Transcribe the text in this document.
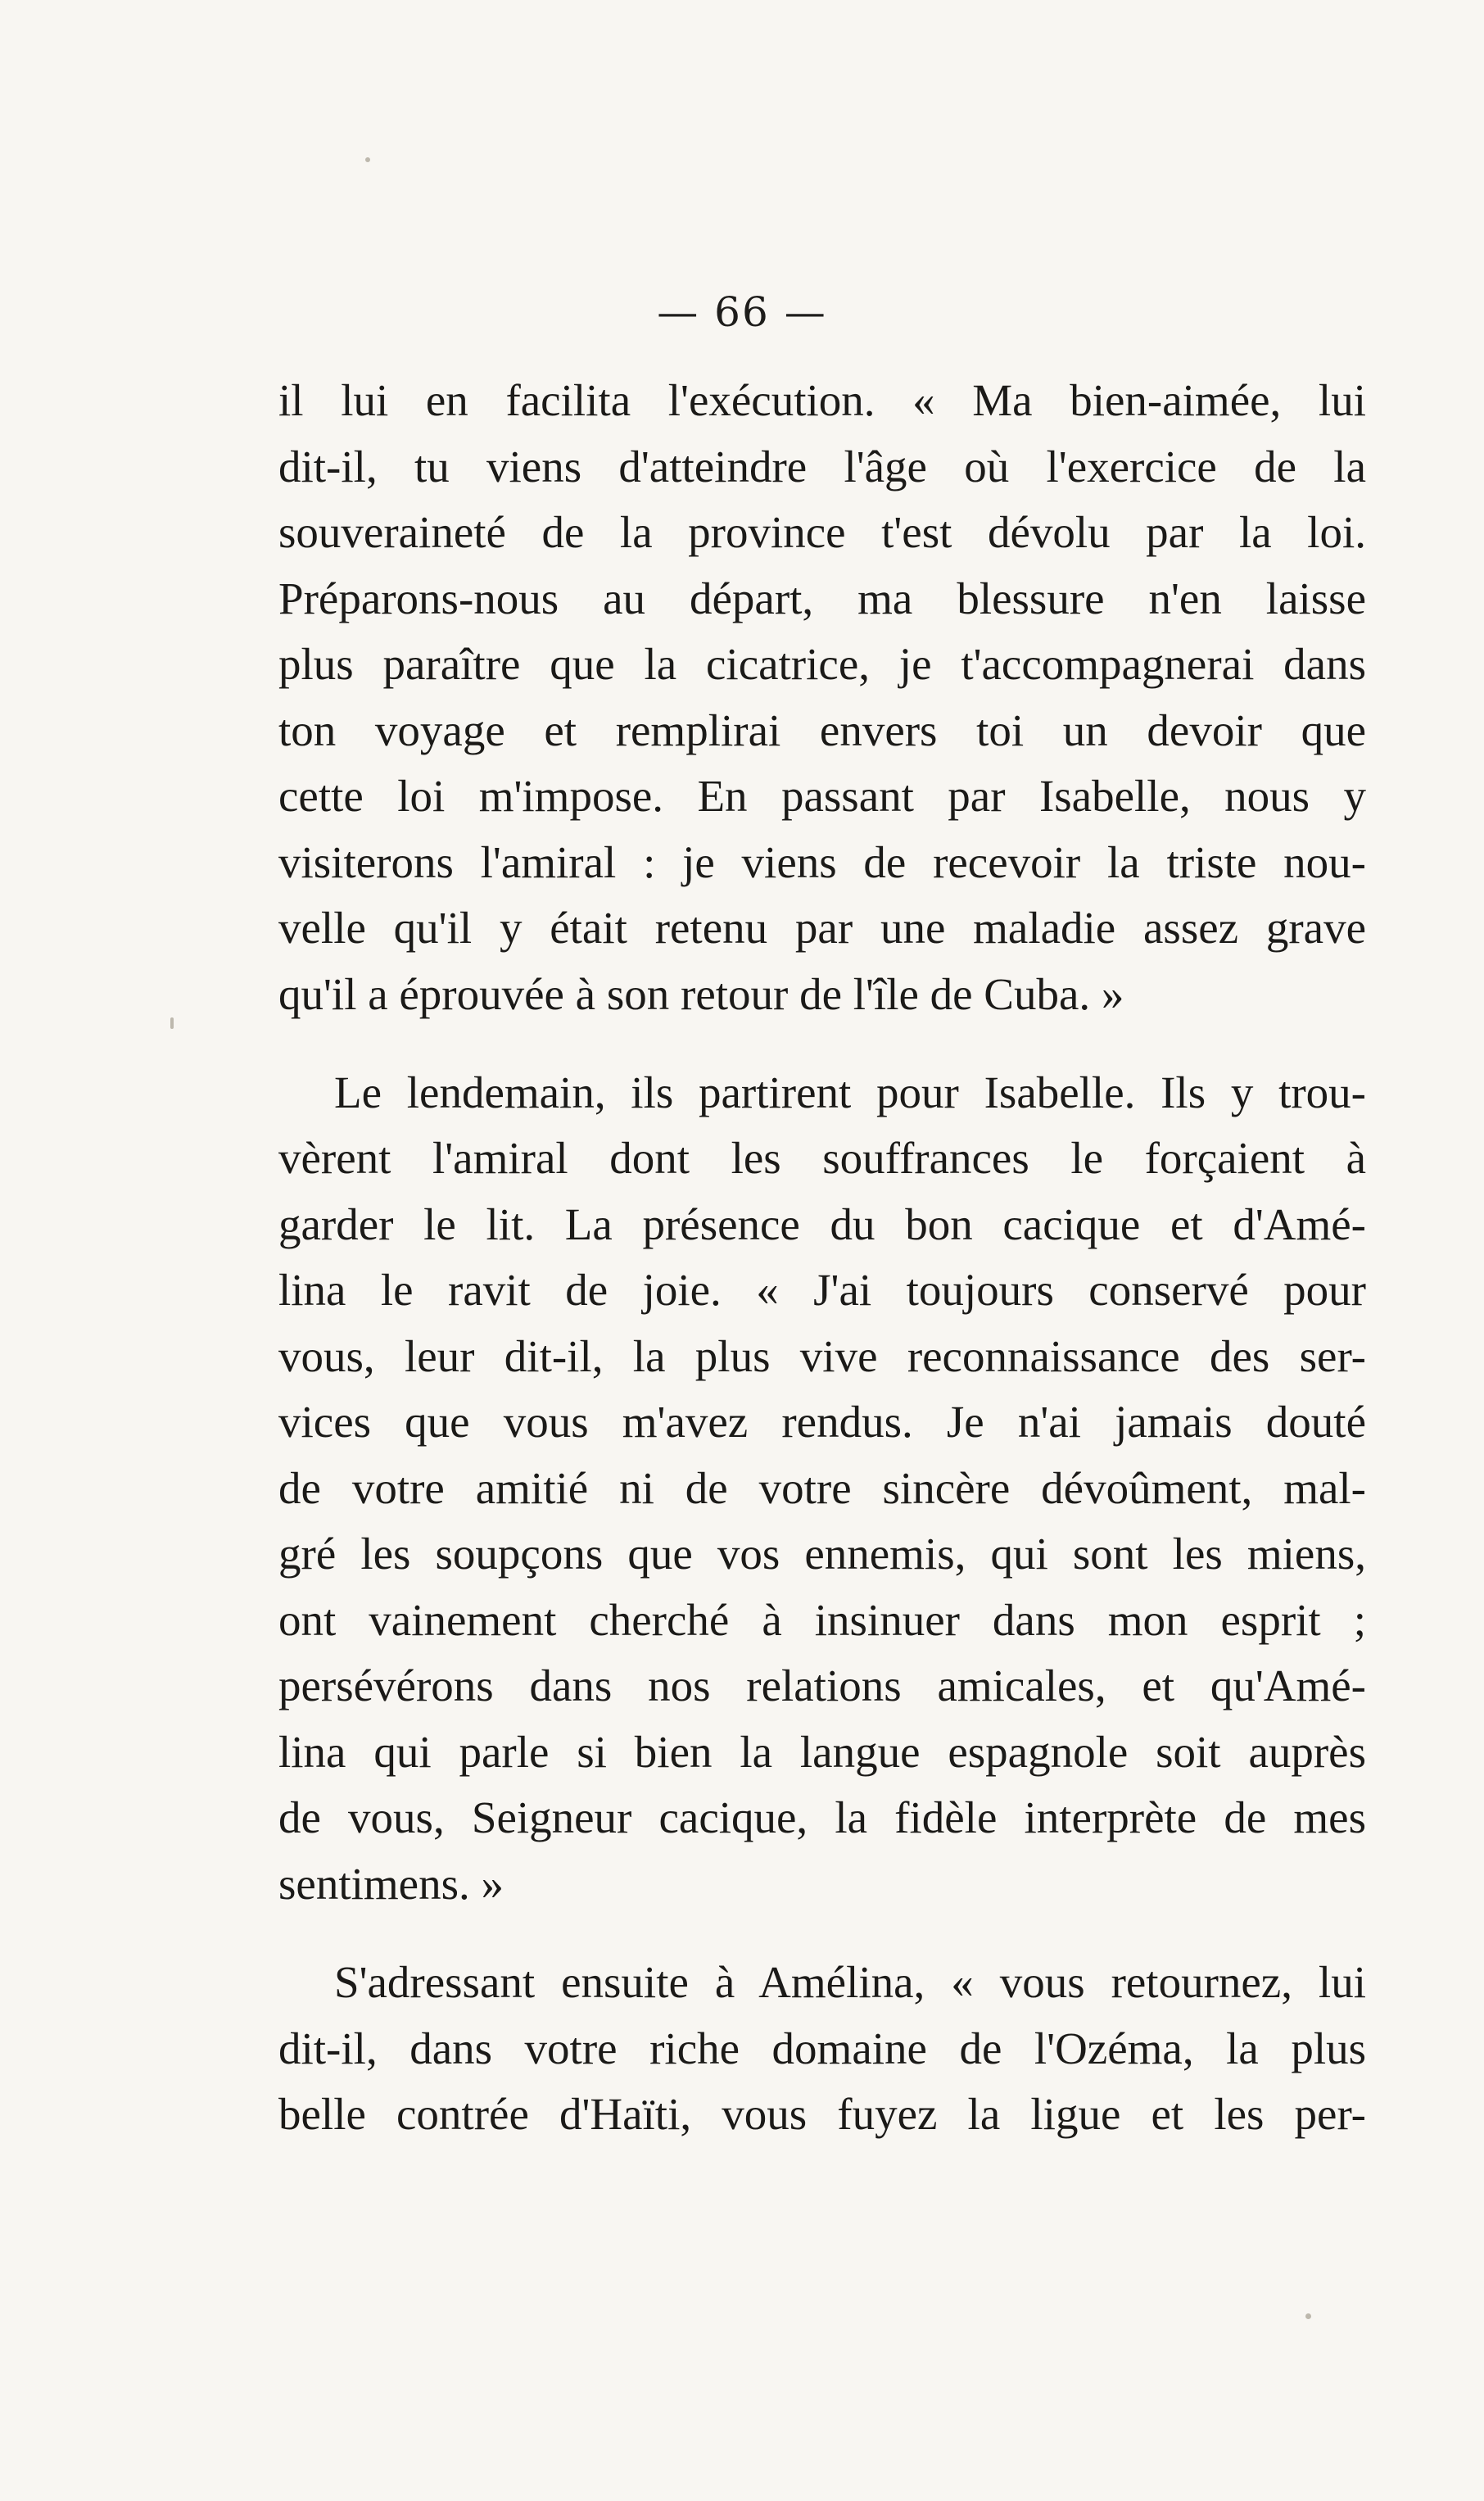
— 66 —
il lui en facilita l'exécution. « Ma bien-aimée, lui
dit-il, tu viens d'atteindre l'âge où l'exercice de la
souveraineté de la province t'est dévolu par la loi.
Préparons-nous au départ, ma blessure n'en laisse
plus paraître que la cicatrice, je t'accompagnerai dans
ton voyage et remplirai envers toi un devoir que
cette loi m'impose. En passant par Isabelle, nous y
visiterons l'amiral : je viens de recevoir la triste nou-
velle qu'il y était retenu par une maladie assez grave
qu'il a éprouvée à son retour de l'île de Cuba. »
Le lendemain, ils partirent pour Isabelle. Ils y trou-
vèrent l'amiral dont les souffrances le forçaient à
garder le lit. La présence du bon cacique et d'Amé-
lina le ravit de joie. « J'ai toujours conservé pour
vous, leur dit-il, la plus vive reconnaissance des ser-
vices que vous m'avez rendus. Je n'ai jamais douté
de votre amitié ni de votre sincère dévoûment, mal-
gré les soupçons que vos ennemis, qui sont les miens,
ont vainement cherché à insinuer dans mon esprit ;
persévérons dans nos relations amicales, et qu'Amé-
lina qui parle si bien la langue espagnole soit auprès
de vous, Seigneur cacique, la fidèle interprète de mes
sentimens. »
S'adressant ensuite à Amélina, « vous retournez, lui
dit-il, dans votre riche domaine de l'Ozéma, la plus
belle contrée d'Haïti, vous fuyez la ligue et les per-
